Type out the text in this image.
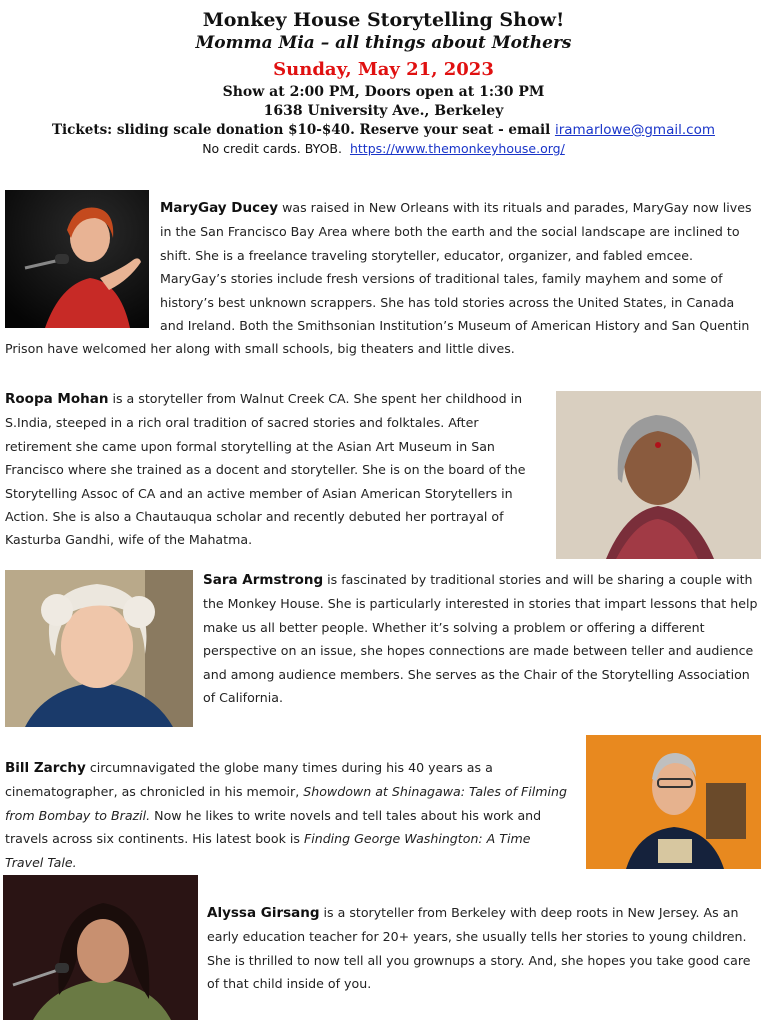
Monkey House Storytelling Show!
Momma Mia – all things about Mothers
Sunday, May 21, 2023
Show at 2:00 PM, Doors open at 1:30 PM
1638 University Ave., Berkeley
Tickets: sliding scale donation $10-$40. Reserve your seat - email iramarlowe@gmail.com
No credit cards. BYOB. https://www.themonkeyhouse.org/

MaryGay Ducey was raised in New Orleans with its rituals and parades, MaryGay now lives in the San Francisco Bay Area where both the earth and the social landscape are inclined to shift. She is a freelance traveling storyteller, educator, organizer, and fabled emcee. MaryGay’s stories include fresh versions of traditional tales, family mayhem and some of history’s best unknown scrappers. She has told stories across the United States, in Canada and Ireland. Both the Smithsonian Institution’s Museum of American History and San Quentin Prison have welcomed her along with small schools, big theaters and little dives.

Roopa Mohan is a storyteller from Walnut Creek CA. She spent her childhood in S.India, steeped in a rich oral tradition of sacred stories and folktales. After retirement she came upon formal storytelling at the Asian Art Museum in San Francisco where she trained as a docent and storyteller. She is on the board of the Storytelling Assoc of CA and an active member of Asian American Storytellers in Action. She is also a Chautauqua scholar and recently debuted her portrayal of Kasturba Gandhi, wife of the Mahatma.

Sara Armstrong is fascinated by traditional stories and will be sharing a couple with the Monkey House. She is particularly interested in stories that impart lessons that help make us all better people. Whether it’s solving a problem or offering a different perspective on an issue, she hopes connections are made between teller and audience and among audience members. She serves as the Chair of the Storytelling Association of California.

Bill Zarchy circumnavigated the globe many times during his 40 years as a cinematographer, as chronicled in his memoir, Showdown at Shinagawa: Tales of Filming from Bombay to Brazil. Now he likes to write novels and tell tales about his work and travels across six continents. His latest book is Finding George Washington: A Time Travel Tale.

Alyssa Girsang is a storyteller from Berkeley with deep roots in New Jersey. As an early education teacher for 20+ years, she usually tells her stories to young children. She is thrilled to now tell all you grownups a story. And, she hopes you take good care of that child inside of you.
